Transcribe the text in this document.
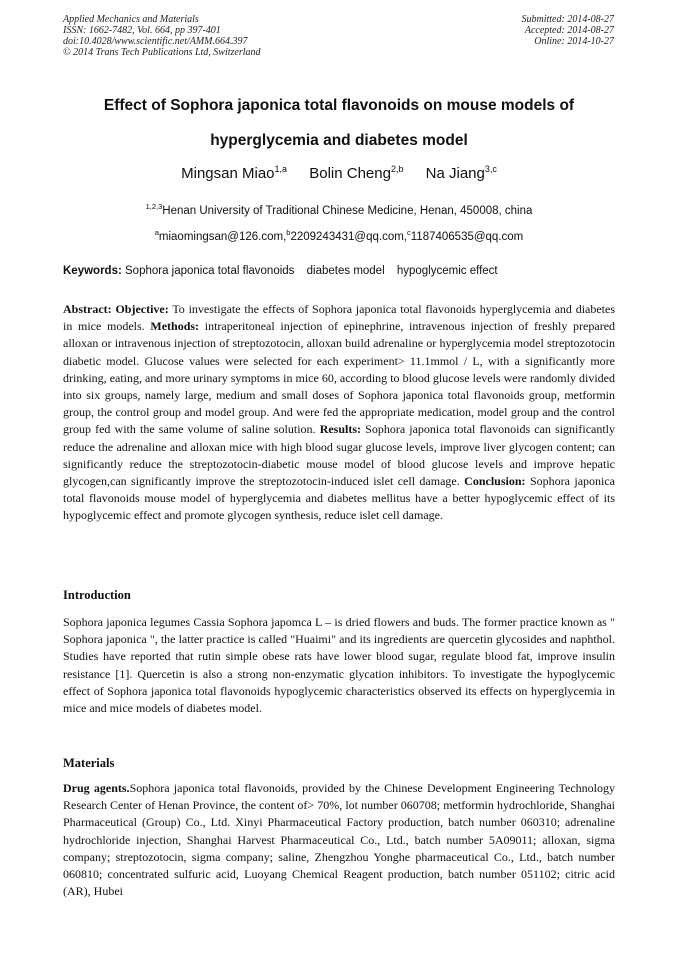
Applied Mechanics and Materials
ISSN: 1662-7482, Vol. 664, pp 397-401
doi:10.4028/www.scientific.net/AMM.664.397
© 2014 Trans Tech Publications Ltd, Switzerland
Submitted: 2014-08-27
Accepted: 2014-08-27
Online: 2014-10-27
Effect of Sophora japonica total flavonoids on mouse models of
hyperglycemia and diabetes model
Mingsan Miao$^{1,a}$ Bolin Cheng$^{2,b}$ Na Jiang$^{3,c}$
$^{1,2,3}$Henan University of Traditional Chinese Medicine, Henan, 450008, china
$^a$miaomingsan@126.com,$^b$2209243431@qq.com,$^c$1187406535@qq.com
Keywords: Sophora japonica total flavonoids diabetes model hypoglycemic effect
Abstract: Objective: To investigate the effects of Sophora japonica total flavonoids hyperglycemia and diabetes in mice models. Methods: intraperitoneal injection of epinephrine, intravenous injection of freshly prepared alloxan or intravenous injection of streptozotocin, alloxan build adrenaline or hyperglycemia model streptozotocin diabetic model. Glucose values were selected for each experiment> 11.1mmol / L, with a significantly more drinking, eating, and more urinary symptoms in mice 60, according to blood glucose levels were randomly divided into six groups, namely large, medium and small doses of Sophora japonica total flavonoids group, metformin group, the control group and model group. And were fed the appropriate medication, model group and the control group fed with the same volume of saline solution. Results: Sophora japonica total flavonoids can significantly reduce the adrenaline and alloxan mice with high blood sugar glucose levels, improve liver glycogen content; can significantly reduce the streptozotocin-diabetic mouse model of blood glucose levels and improve hepatic glycogen,can significantly improve the streptozotocin-induced islet cell damage. Conclusion: Sophora japonica total flavonoids mouse model of hyperglycemia and diabetes mellitus have a better hypoglycemic effect of its hypoglycemic effect and promote glycogen synthesis, reduce islet cell damage.
Introduction
Sophora japonica legumes Cassia Sophora japomca L – is dried flowers and buds. The former practice known as " Sophora japonica ", the latter practice is called "Huaimi" and its ingredients are quercetin glycosides and naphthol. Studies have reported that rutin simple obese rats have lower blood sugar, regulate blood fat, improve insulin resistance [1]. Quercetin is also a strong non-enzymatic glycation inhibitors. To investigate the hypoglycemic effect of Sophora japonica total flavonoids hypoglycemic characteristics observed its effects on hyperglycemia in mice and mice models of diabetes model.
Materials
Drug agents.Sophora japonica total flavonoids, provided by the Chinese Development Engineering Technology Research Center of Henan Province, the content of> 70%, lot number 060708; metformin hydrochloride, Shanghai Pharmaceutical (Group) Co., Ltd. Xinyi Pharmaceutical Factory production, batch number 060310; adrenaline hydrochloride injection, Shanghai Harvest Pharmaceutical Co., Ltd., batch number 5A09011; alloxan, sigma company; streptozotocin, sigma company; saline, Zhengzhou Yonghe pharmaceutical Co., Ltd., batch number 060810; concentrated sulfuric acid, Luoyang Chemical Reagent production, batch number 051102; citric acid (AR), Hubei
